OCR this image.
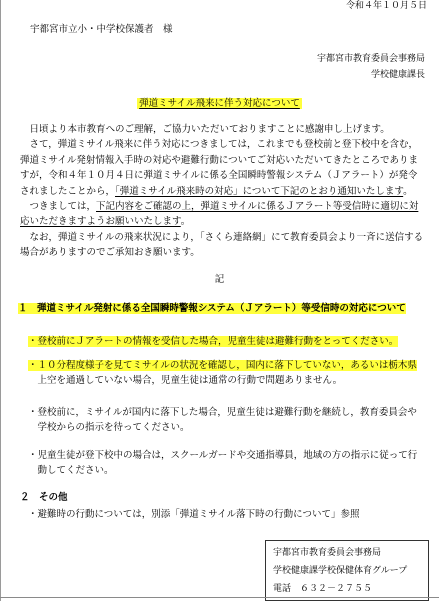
令和４年１０月５日
宇都宮市立小・中学校保護者　様
宇都宮市教育委員会事務局
学校健康課長
弾道ミサイル飛来に伴う対応について
　日頃より本市教育へのご理解，ご協力いただいておりますことに感謝申し上げます。
　さて，弾道ミサイル飛来に伴う対応につきましては，これまでも登校前と登下校中を含む，
弾道ミサイル発射情報入手時の対応や避難行動についてご対応いただいてきたところでありま
すが，令和４年１０月４日に弾道ミサイルに係る全国瞬時警報システム（Ｊアラート）が発令
されましたことから，「弾道ミサイル飛来時の対応」について下記のとおり通知いたします。
　つきましては，下記内容をご確認の上，弾道ミサイルに係るＪアラート等受信時に適切に対
応いただきますようお願いいたします。
　なお，弾道ミサイルの飛来状況により，「さくら連絡網」にて教育委員会より一斉に送信する
場合がありますのでご承知おき願います。
記
１　弾道ミサイル発射に係る全国瞬時警報システム（Ｊアラート）等受信時の対応について
・登校前にＪアラートの情報を受信した場合，児童生徒は避難行動をとってください。
・１０分程度様子を見てミサイルの状況を確認し，国内に落下していない，あるいは栃木県
上空を通過していない場合，児童生徒は通常の行動で問題ありません。
・登校前に，ミサイルが国内に落下した場合，児童生徒は避難行動を継続し，教育委員会や
学校からの指示を待ってください。
・児童生徒が登下校中の場合は，スクールガードや交通指導員，地域の方の指示に従って行
動してください。
２　その他
・避難時の行動については，別添「弾道ミサイル落下時の行動について」参照
宇都宮市教育委員会事務局
学校健康課学校保健体育グループ
電話　６３２－２７５５
